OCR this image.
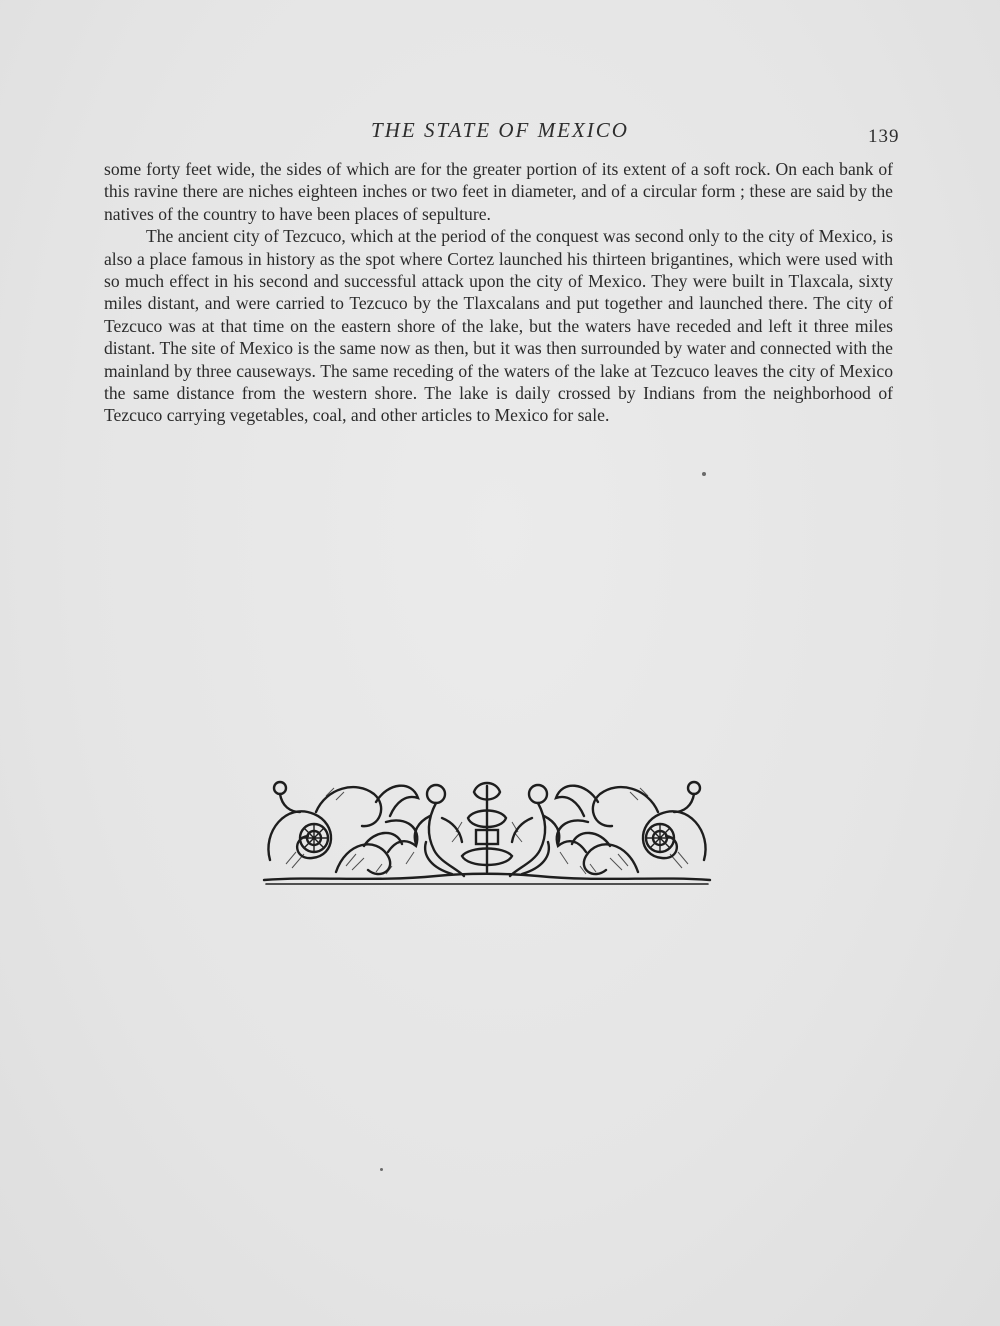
THE STATE OF MEXICO	139

some forty feet wide, the sides of which are for the greater portion of its extent of a soft rock. On each bank of this ravine there are niches eighteen inches or two feet in diameter, and of a circular form ; these are said by the natives of the country to have been places of sepulture.

The ancient city of Tezcuco, which at the period of the conquest was second only to the city of Mexico, is also a place famous in history as the spot where Cortez launched his thirteen brigantines, which were used with so much effect in his second and successful attack upon the city of Mexico. They were built in Tlaxcala, sixty miles distant, and were carried to Tezcuco by the Tlaxcalans and put together and launched there. The city of Tezcuco was at that time on the eastern shore of the lake, but the waters have receded and left it three miles distant. The site of Mexico is the same now as then, but it was then surrounded by water and connected with the mainland by three causeways. The same receding of the waters of the lake at Tezcuco leaves the city of Mexico the same distance from the western shore. The lake is daily crossed by Indians from the neighborhood of Tezcuco carrying vegetables, coal, and other articles to Mexico for sale.
